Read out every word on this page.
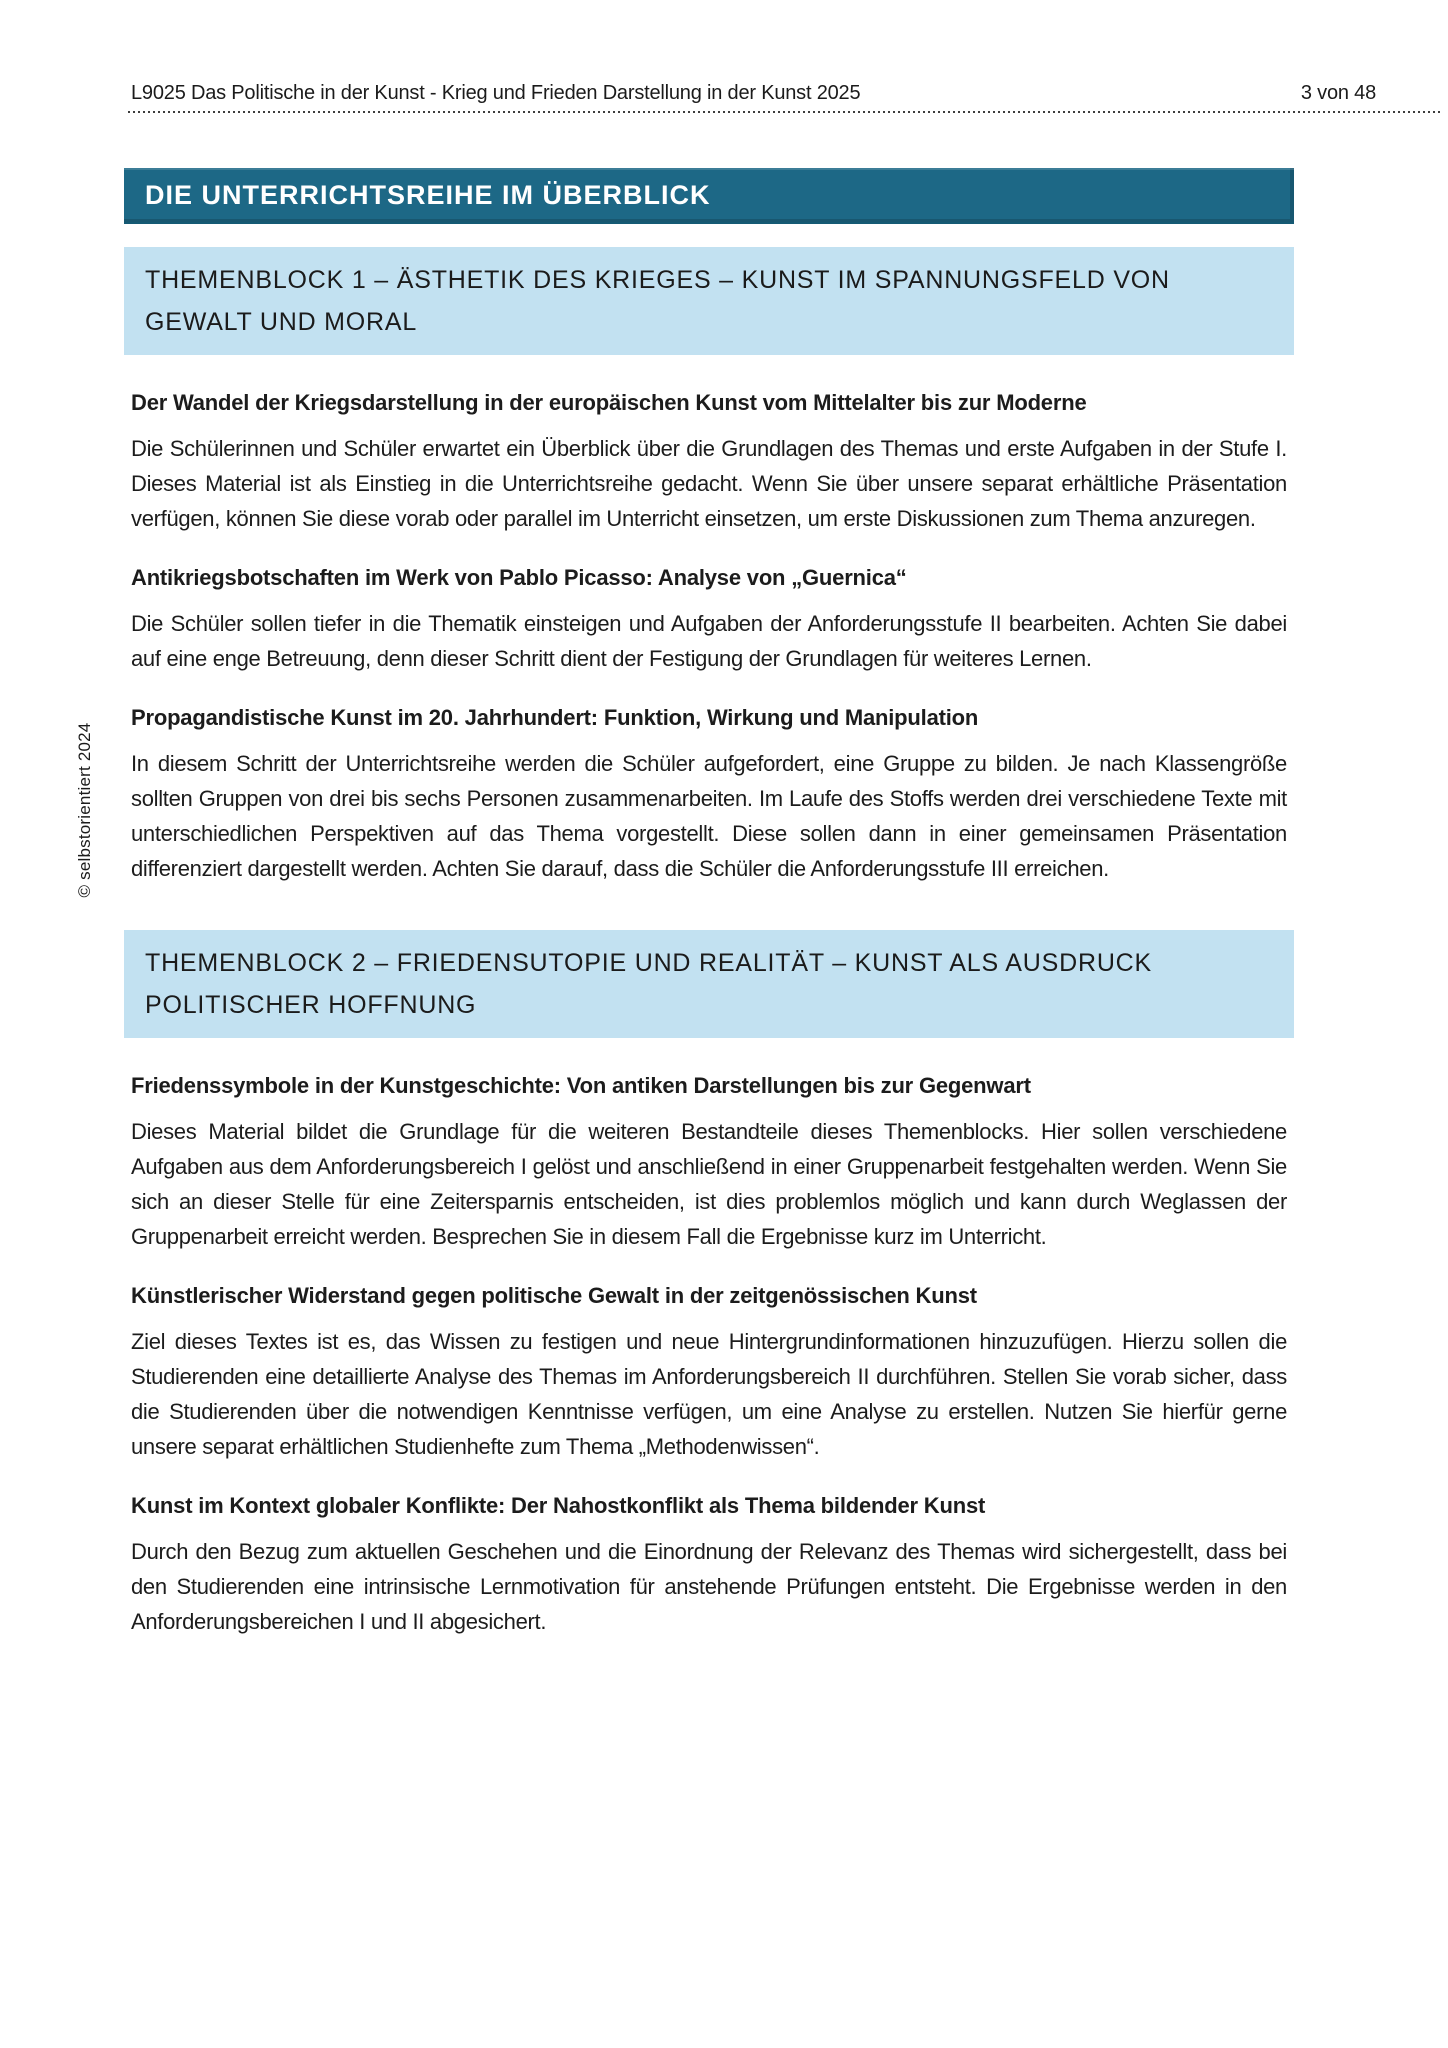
L9025 Das Politische in der Kunst - Krieg und Frieden Darstellung in der Kunst 2025	3 von 48
© selbstorientiert 2024
DIE UNTERRICHTSREIHE IM ÜBERBLICK
THEMENBLOCK 1 – ÄSTHETIK DES KRIEGES – KUNST IM SPANNUNGSFELD VON GEWALT UND MORAL
Der Wandel der Kriegsdarstellung in der europäischen Kunst vom Mittelalter bis zur Moderne

Die Schülerinnen und Schüler erwartet ein Überblick über die Grundlagen des Themas und erste Aufgaben in der Stufe I. Dieses Material ist als Einstieg in die Unterrichtsreihe gedacht. Wenn Sie über unsere separat erhältliche Präsentation verfügen, können Sie diese vorab oder parallel im Unterricht einsetzen, um erste Diskussionen zum Thema anzuregen.

Antikriegsbotschaften im Werk von Pablo Picasso: Analyse von „Guernica“

Die Schüler sollen tiefer in die Thematik einsteigen und Aufgaben der Anforderungsstufe II bearbeiten. Achten Sie dabei auf eine enge Betreuung, denn dieser Schritt dient der Festigung der Grundlagen für weiteres Lernen.

Propagandistische Kunst im 20. Jahrhundert: Funktion, Wirkung und Manipulation

In diesem Schritt der Unterrichtsreihe werden die Schüler aufgefordert, eine Gruppe zu bilden. Je nach Klassengröße sollten Gruppen von drei bis sechs Personen zusammenarbeiten. Im Laufe des Stoffs werden drei verschiedene Texte mit unterschiedlichen Perspektiven auf das Thema vorgestellt. Diese sollen dann in einer gemeinsamen Präsentation differenziert dargestellt werden. Achten Sie darauf, dass die Schüler die Anforderungsstufe III erreichen.

THEMENBLOCK 2 – FRIEDENSUTOPIE UND REALITÄT – KUNST ALS AUSDRUCK POLITISCHER HOFFNUNG
Friedenssymbole in der Kunstgeschichte: Von antiken Darstellungen bis zur Gegenwart

Dieses Material bildet die Grundlage für die weiteren Bestandteile dieses Themenblocks. Hier sollen verschiedene Aufgaben aus dem Anforderungsbereich I gelöst und anschließend in einer Gruppenarbeit festgehalten werden. Wenn Sie sich an dieser Stelle für eine Zeitersparnis entscheiden, ist dies problemlos möglich und kann durch Weglassen der Gruppenarbeit erreicht werden. Besprechen Sie in diesem Fall die Ergebnisse kurz im Unterricht.

Künstlerischer Widerstand gegen politische Gewalt in der zeitgenössischen Kunst

Ziel dieses Textes ist es, das Wissen zu festigen und neue Hintergrundinformationen hinzuzufügen. Hierzu sollen die Studierenden eine detaillierte Analyse des Themas im Anforderungsbereich II durchführen. Stellen Sie vorab sicher, dass die Studierenden über die notwendigen Kenntnisse verfügen, um eine Analyse zu erstellen. Nutzen Sie hierfür gerne unsere separat erhältlichen Studienhefte zum Thema „Methodenwissen“.

Kunst im Kontext globaler Konflikte: Der Nahostkonflikt als Thema bildender Kunst

Durch den Bezug zum aktuellen Geschehen und die Einordnung der Relevanz des Themas wird sichergestellt, dass bei den Studierenden eine intrinsische Lernmotivation für anstehende Prüfungen entsteht. Die Ergebnisse werden in den Anforderungsbereichen I und II abgesichert.
